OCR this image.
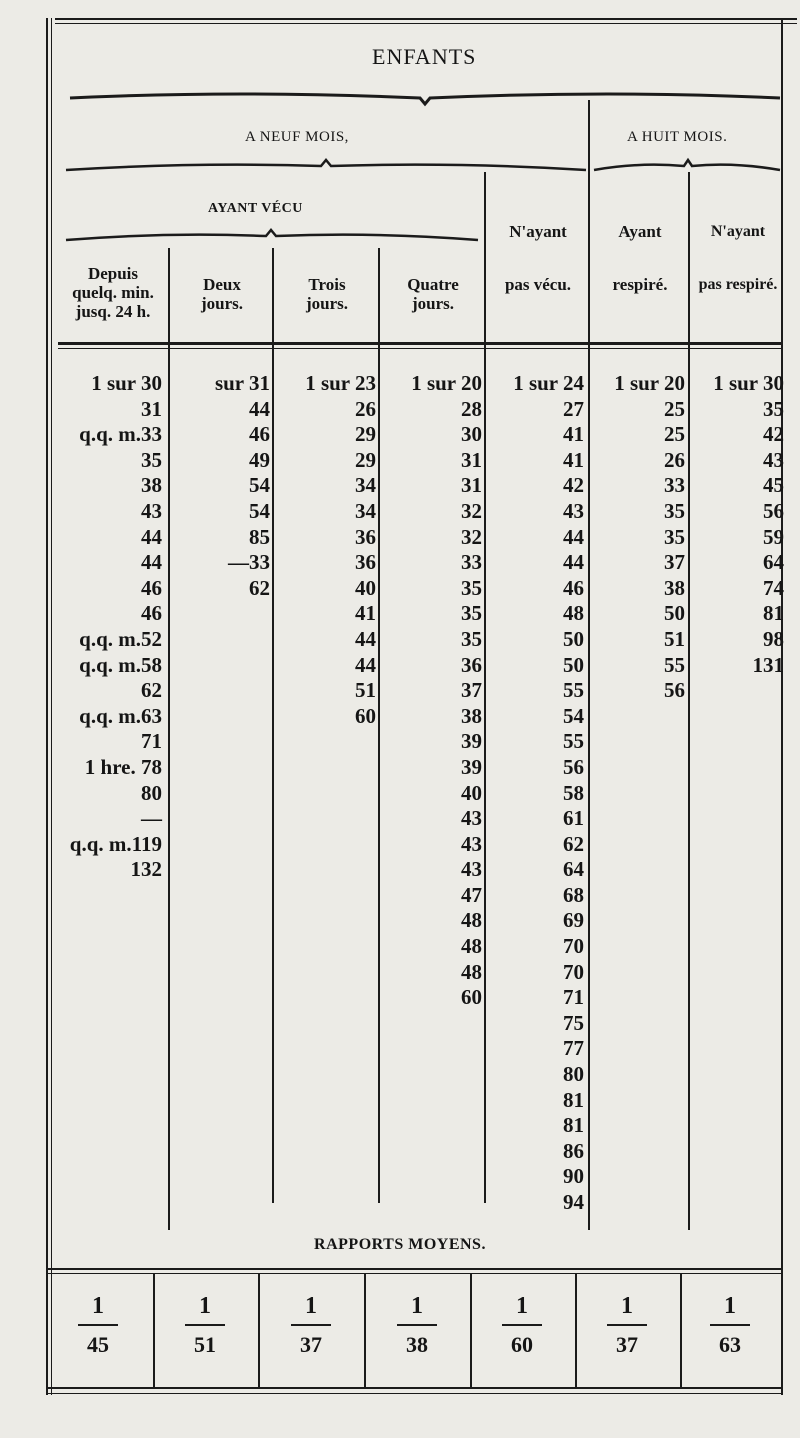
ENFANTS
A NEUF MOIS,	A HUIT MOIS.
AYANT VÉCU
Depuis
quelq. min.
jusq. 24 h.
Deux
jours.
Trois
jours.
Quatre
jours.
N'ayant
pas vécu.
Ayant
respiré.
N'ayant
pas respiré.
1 sur 30
31
q.q. m.33
35
38
43
44
44
46
46
q.q. m.52
q.q. m.58
62
q.q. m.63
71
1 hre. 78
80
—
q.q. m.119
132
sur 31
44
46
49
54
54
85
—33
62
1 sur 23
26
29
29
34
34
36
36
40
41
44
44
51
60
1 sur 20
28
30
31
31
32
32
33
35
35
35
36
37
38
39
39
40
43
43
43
47
48
48
48
60
1 sur 24
27
41
41
42
43
44
44
46
48
50
50
55
54
55
56
58
61
62
64
68
69
70
70
71
75
77
80
81
81
86
90
94
1 sur 20
25
25
26
33
35
35
37
38
50
51
55
56
1 sur 30
35
42
43
45
56
59
64
74
81
98
131
RAPPORTS MOYENS.
1
45
1
51
1
37
1
38
1
60
1
37
1
63
